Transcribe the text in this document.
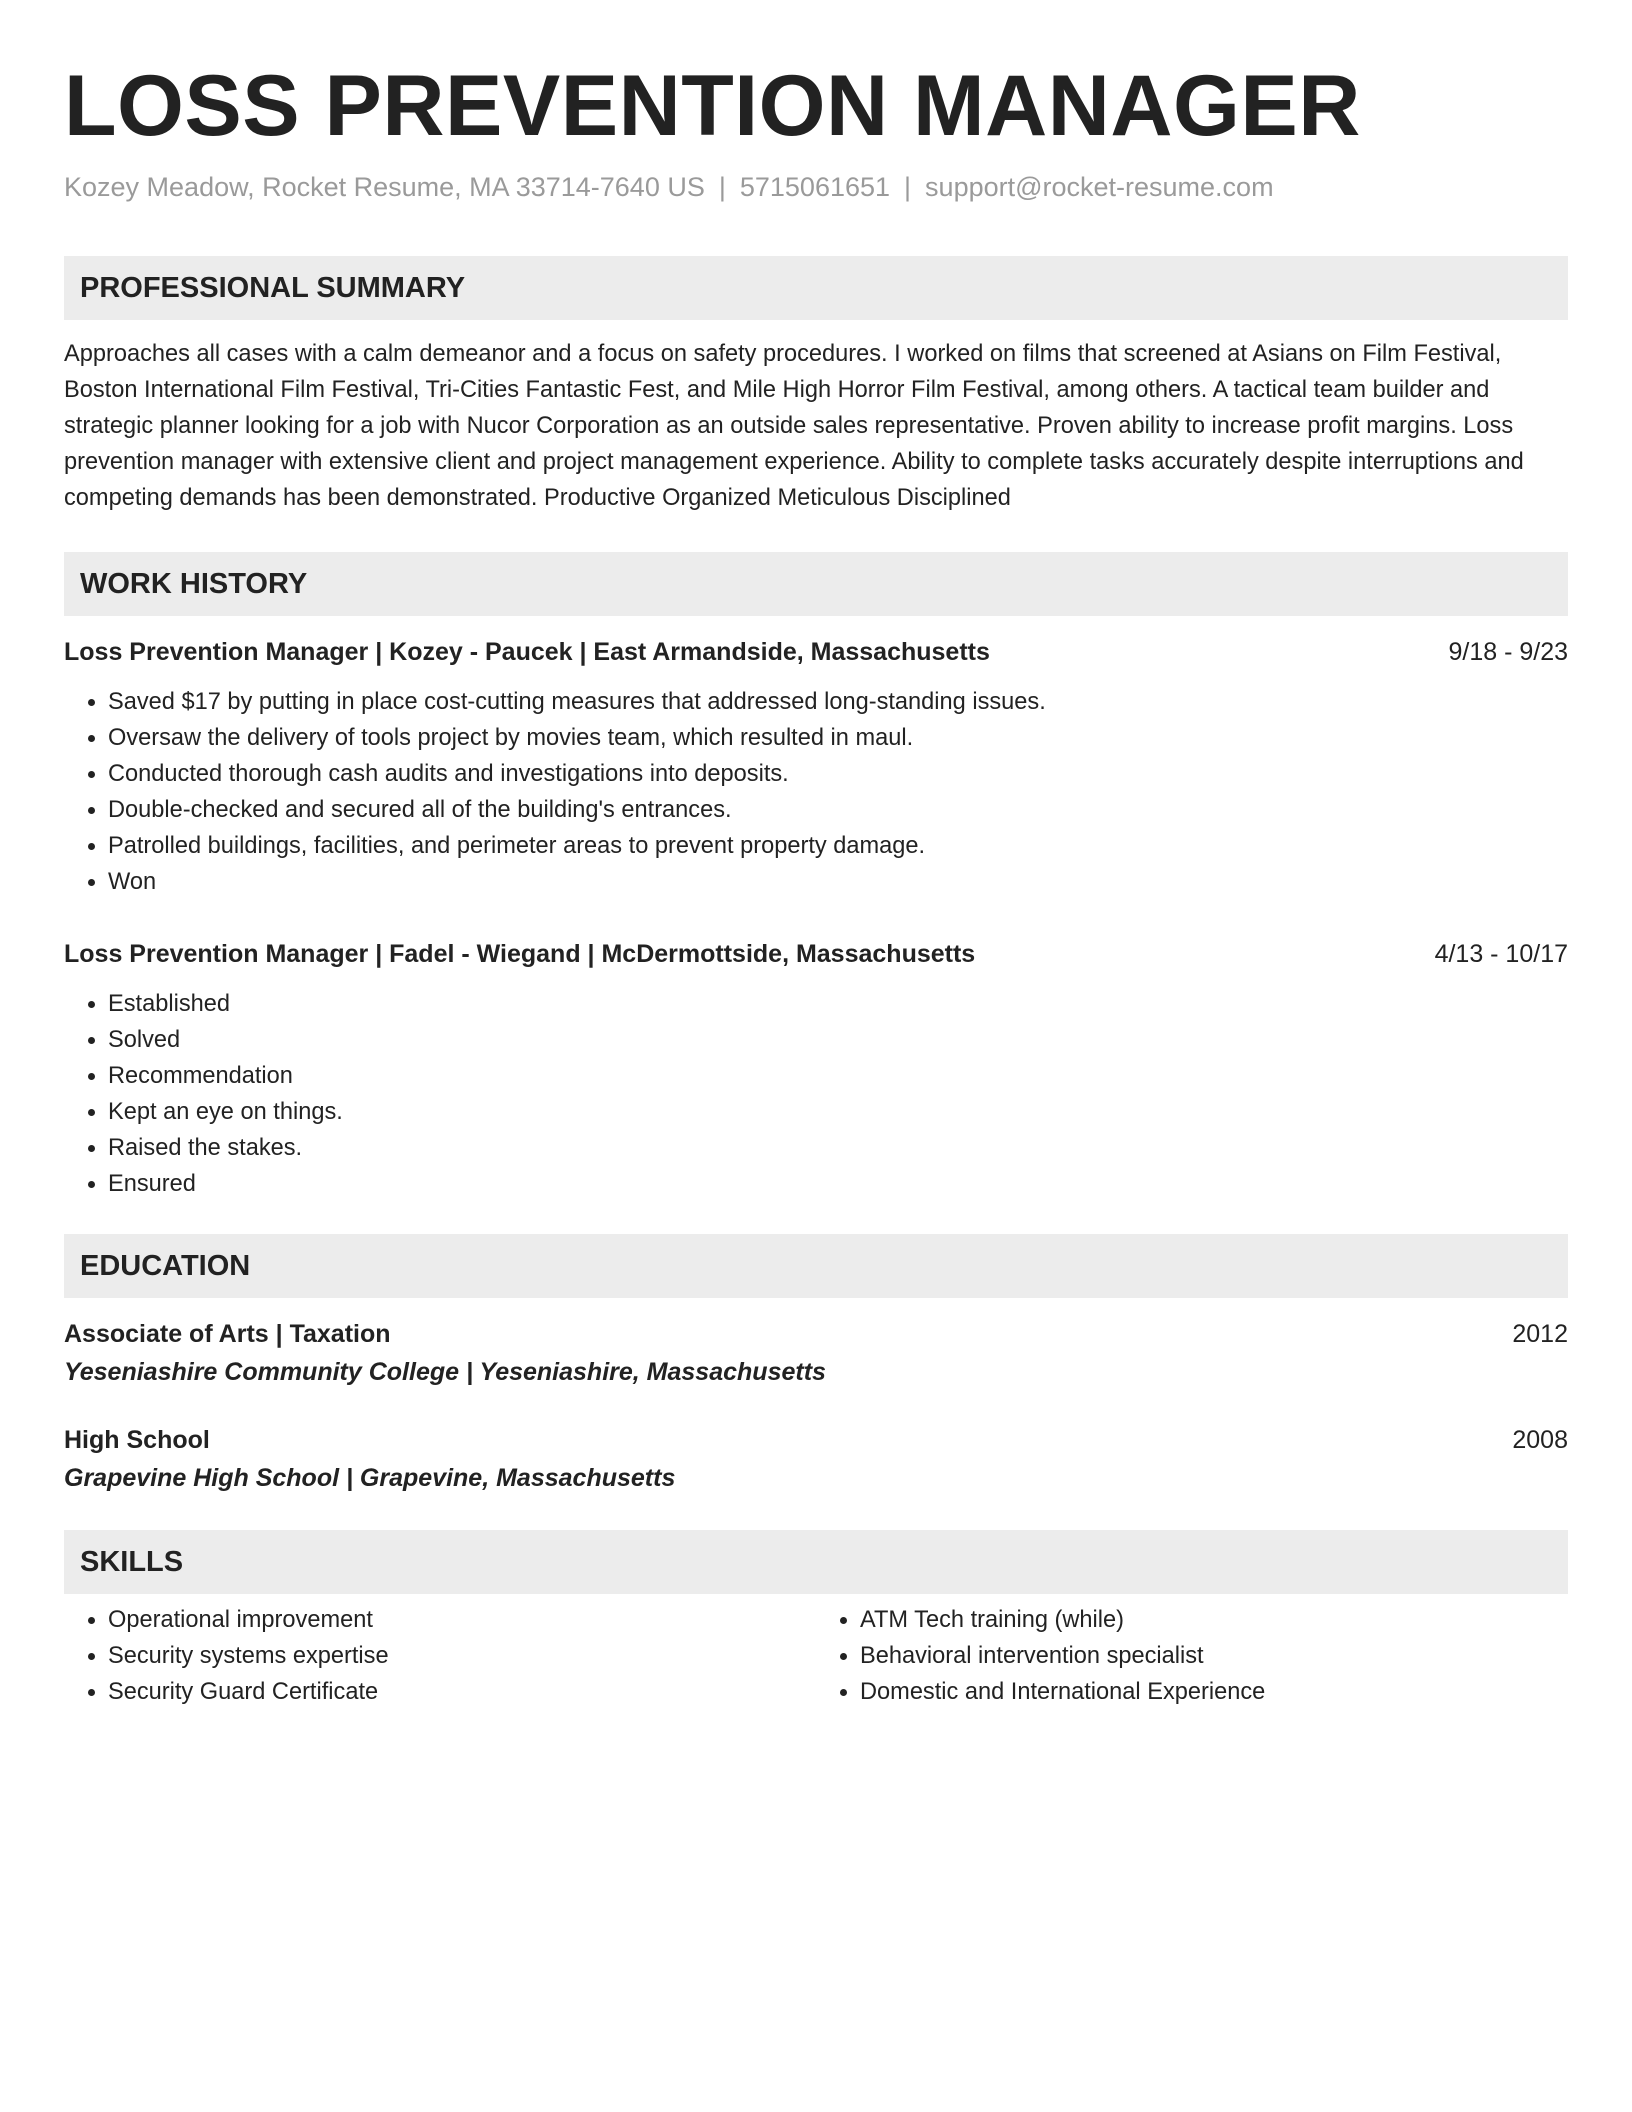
LOSS PREVENTION MANAGER
Kozey Meadow, Rocket Resume, MA 33714-7640 US | 5715061651 | support@rocket-resume.com
PROFESSIONAL SUMMARY
Approaches all cases with a calm demeanor and a focus on safety procedures. I worked on films that screened at Asians on Film Festival, Boston International Film Festival, Tri-Cities Fantastic Fest, and Mile High Horror Film Festival, among others. A tactical team builder and strategic planner looking for a job with Nucor Corporation as an outside sales representative. Proven ability to increase profit margins. Loss prevention manager with extensive client and project management experience. Ability to complete tasks accurately despite interruptions and competing demands has been demonstrated. Productive Organized Meticulous Disciplined
WORK HISTORY
Loss Prevention Manager | Kozey - Paucek | East Armandside, Massachusetts	9/18 - 9/23
• Saved $17 by putting in place cost-cutting measures that addressed long-standing issues.
• Oversaw the delivery of tools project by movies team, which resulted in maul.
• Conducted thorough cash audits and investigations into deposits.
• Double-checked and secured all of the building's entrances.
• Patrolled buildings, facilities, and perimeter areas to prevent property damage.
• Won
Loss Prevention Manager | Fadel - Wiegand | McDermottside, Massachusetts	4/13 - 10/17
• Established
• Solved
• Recommendation
• Kept an eye on things.
• Raised the stakes.
• Ensured
EDUCATION
Associate of Arts | Taxation	2012
Yeseniashire Community College | Yeseniashire, Massachusetts
High School	2008
Grapevine High School | Grapevine, Massachusetts
SKILLS
• Operational improvement
• Security systems expertise
• Security Guard Certificate
• ATM Tech training (while)
• Behavioral intervention specialist
• Domestic and International Experience
